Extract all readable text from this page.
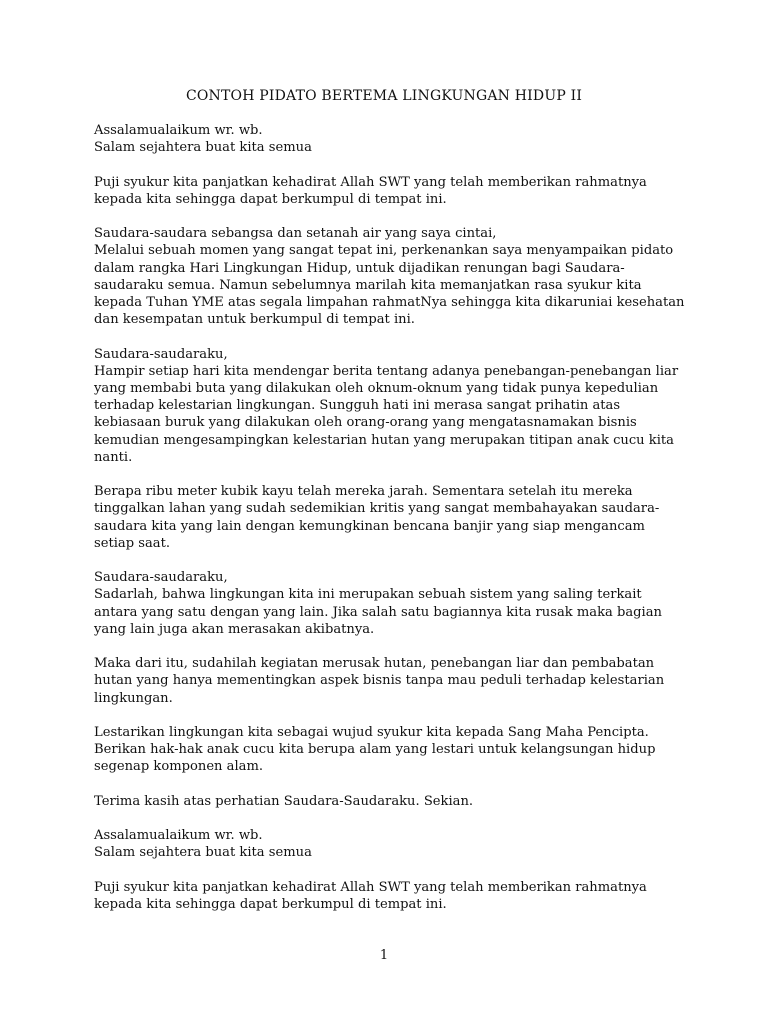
CONTOH PIDATO BERTEMA LINGKUNGAN HIDUP II

Assalamualaikum wr. wb.
Salam sejahtera buat kita semua

Puji syukur kita panjatkan kehadirat Allah SWT yang telah memberikan rahmatnya
kepada kita sehingga dapat berkumpul di tempat ini.

Saudara-saudara sebangsa dan setanah air yang saya cintai,
Melalui sebuah momen yang sangat tepat ini, perkenankan saya menyampaikan pidato
dalam rangka Hari Lingkungan Hidup, untuk dijadikan renungan bagi Saudara-
saudaraku semua. Namun sebelumnya marilah kita memanjatkan rasa syukur kita
kepada Tuhan YME atas segala limpahan rahmatNya sehingga kita dikaruniai kesehatan
dan kesempatan untuk berkumpul di tempat ini.

Saudara-saudaraku,
Hampir setiap hari kita mendengar berita tentang adanya penebangan-penebangan liar
yang membabi buta yang dilakukan oleh oknum-oknum yang tidak punya kepedulian
terhadap kelestarian lingkungan. Sungguh hati ini merasa sangat prihatin atas
kebiasaan buruk yang dilakukan oleh orang-orang yang mengatasnamakan bisnis
kemudian mengesampingkan kelestarian hutan yang merupakan titipan anak cucu kita
nanti.

Berapa ribu meter kubik kayu telah mereka jarah. Sementara setelah itu mereka
tinggalkan lahan yang sudah sedemikian kritis yang sangat membahayakan saudara-
saudara kita yang lain dengan kemungkinan bencana banjir yang siap mengancam
setiap saat.

Saudara-saudaraku,
Sadarlah, bahwa lingkungan kita ini merupakan sebuah sistem yang saling terkait
antara yang satu dengan yang lain. Jika salah satu bagiannya kita rusak maka bagian
yang lain juga akan merasakan akibatnya.

Maka dari itu, sudahilah kegiatan merusak hutan, penebangan liar dan pembabatan
hutan yang hanya mementingkan aspek bisnis tanpa mau peduli terhadap kelestarian
lingkungan.

Lestarikan lingkungan kita sebagai wujud syukur kita kepada Sang Maha Pencipta.
Berikan hak-hak anak cucu kita berupa alam yang lestari untuk kelangsungan hidup
segenap komponen alam.

Terima kasih atas perhatian Saudara-Saudaraku. Sekian.

Assalamualaikum wr. wb.
Salam sejahtera buat kita semua

Puji syukur kita panjatkan kehadirat Allah SWT yang telah memberikan rahmatnya
kepada kita sehingga dapat berkumpul di tempat ini.

1
